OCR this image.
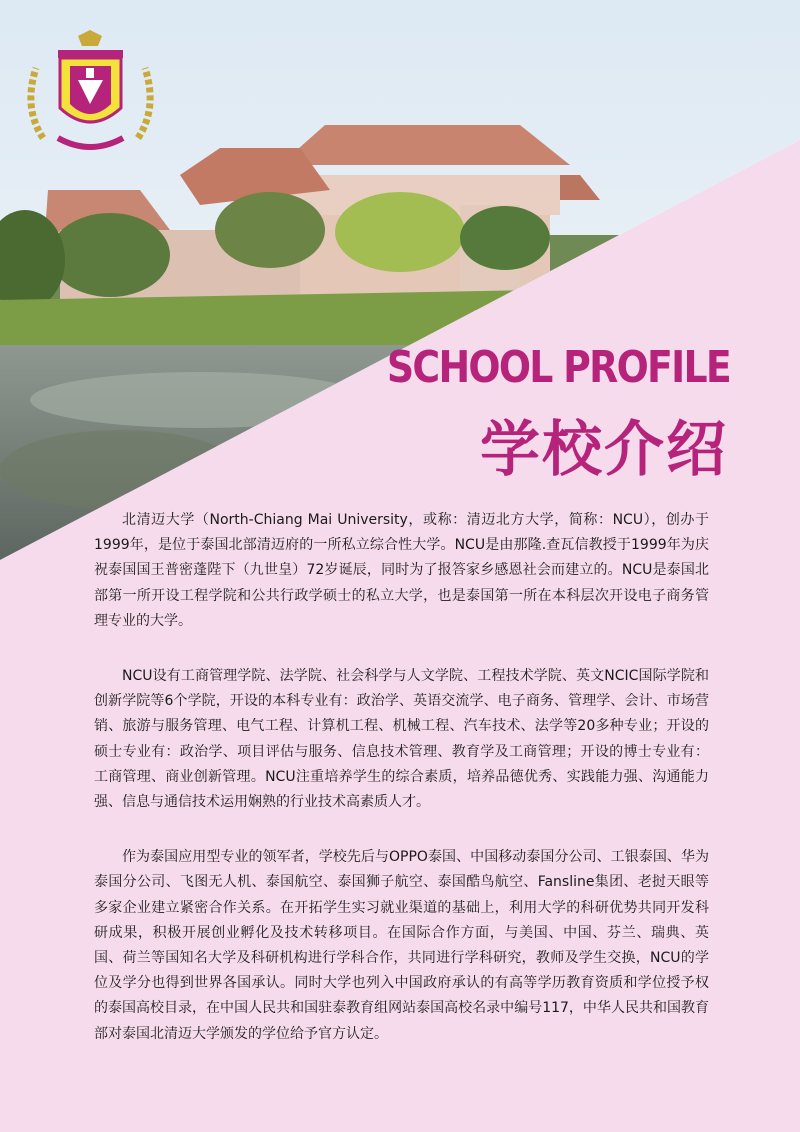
SCHOOL PROFILE
学校介绍

北清迈大学（North-Chiang Mai University，或称：清迈北方大学，简称：NCU），创办于1999年，是位于泰国北部清迈府的一所私立综合性大学。NCU是由那隆.查瓦信教授于1999年为庆祝泰国国王普密蓬陛下（九世皇）72岁诞辰，同时为了报答家乡感恩社会而建立的。NCU是泰国北部第一所开设工程学院和公共行政学硕士的私立大学，也是泰国第一所在本科层次开设电子商务管理专业的大学。

NCU设有工商管理学院、法学院、社会科学与人文学院、工程技术学院、英文NCIC国际学院和创新学院等6个学院，开设的本科专业有：政治学、英语交流学、电子商务、管理学、会计、市场营销、旅游与服务管理、电气工程、计算机工程、机械工程、汽车技术、法学等20多种专业；开设的硕士专业有：政治学、项目评估与服务、信息技术管理、教育学及工商管理；开设的博士专业有：工商管理、商业创新管理。NCU注重培养学生的综合素质，培养品德优秀、实践能力强、沟通能力强、信息与通信技术运用娴熟的行业技术高素质人才。

作为泰国应用型专业的领军者，学校先后与OPPO泰国、中国移动泰国分公司、工银泰国、华为泰国分公司、飞图无人机、泰国航空、泰国狮子航空、泰国酷鸟航空、Fansline集团、老挝天眼等多家企业建立紧密合作关系。在开拓学生实习就业渠道的基础上，利用大学的科研优势共同开发科研成果，积极开展创业孵化及技术转移项目。在国际合作方面，与美国、中国、芬兰、瑞典、英国、荷兰等国知名大学及科研机构进行学科合作，共同进行学科研究，教师及学生交换，NCU的学位及学分也得到世界各国承认。同时大学也列入中国政府承认的有高等学历教育资质和学位授予权的泰国高校目录，在中国人民共和国驻泰教育组网站泰国高校名录中编号117，中华人民共和国教育部对泰国北清迈大学颁发的学位给予官方认定。
